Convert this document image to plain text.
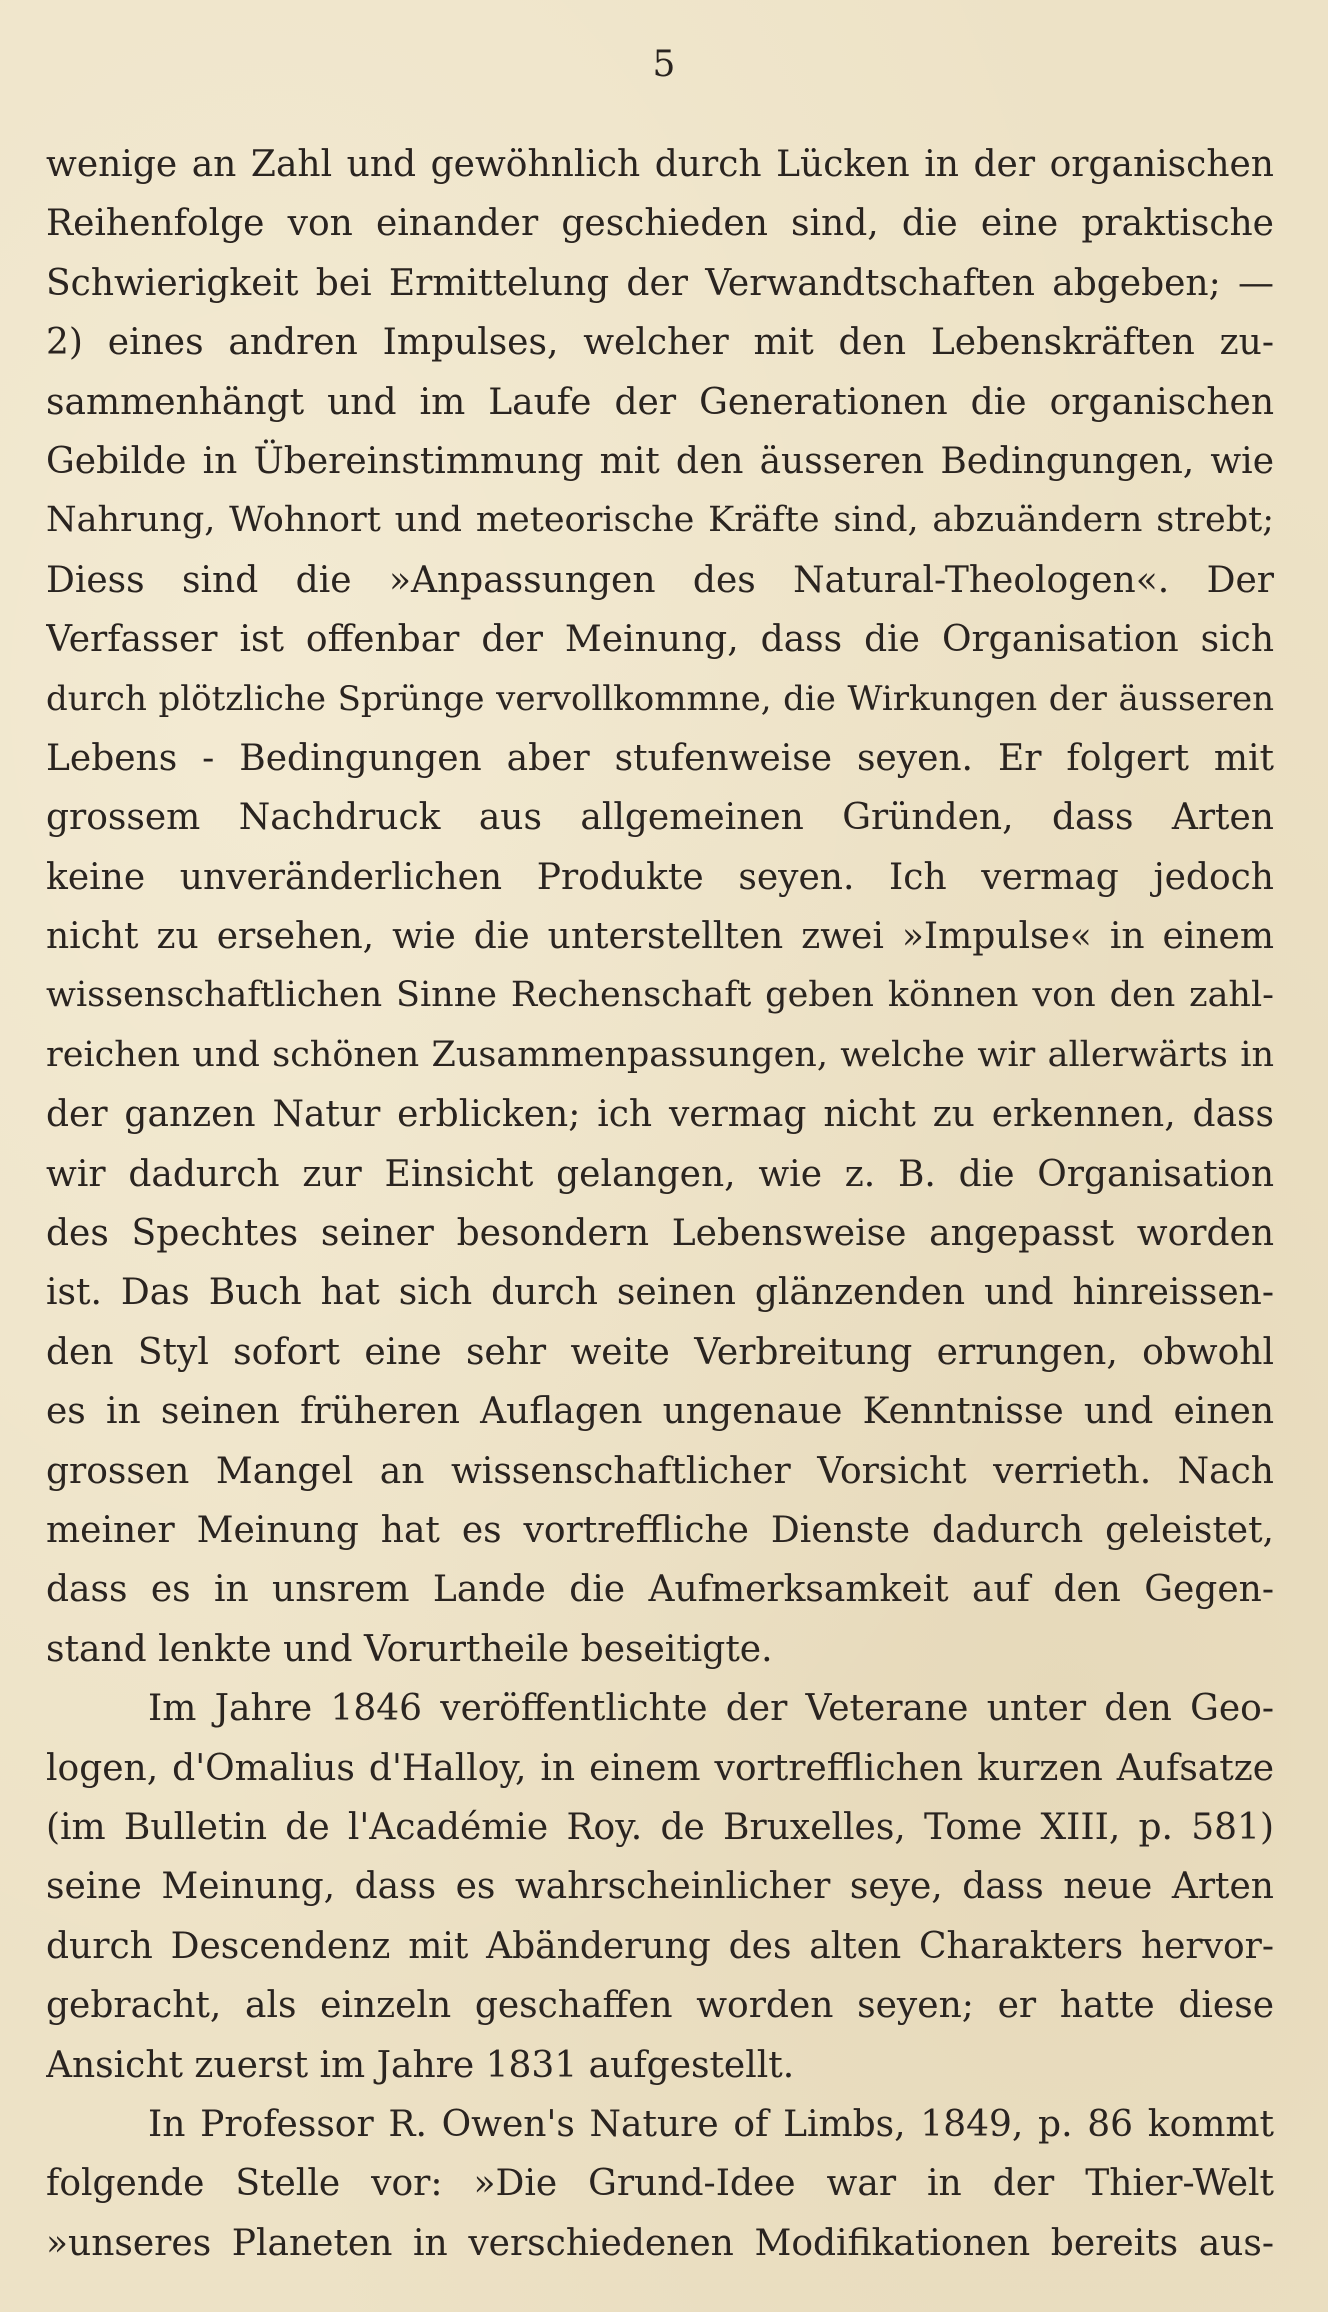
5
wenige an Zahl und gewöhnlich durch Lücken in der organischen
Reihenfolge von einander geschieden sind, die eine praktische
Schwierigkeit bei Ermittelung der Verwandtschaften abgeben; —
2) eines andren Impulses, welcher mit den Lebenskräften zu-
sammenhängt und im Laufe der Generationen die organischen
Gebilde in Übereinstimmung mit den äusseren Bedingungen, wie
Nahrung, Wohnort und meteorische Kräfte sind, abzuändern strebt;
Diess sind die »Anpassungen des Natural-Theologen«. Der
Verfasser ist offenbar der Meinung, dass die Organisation sich
durch plötzliche Sprünge vervollkommne, die Wirkungen der äusseren
Lebens - Bedingungen aber stufenweise seyen. Er folgert mit
grossem Nachdruck aus allgemeinen Gründen, dass Arten
keine unveränderlichen Produkte seyen. Ich vermag jedoch
nicht zu ersehen, wie die unterstellten zwei »Impulse« in einem
wissenschaftlichen Sinne Rechenschaft geben können von den zahl-
reichen und schönen Zusammenpassungen, welche wir allerwärts in
der ganzen Natur erblicken; ich vermag nicht zu erkennen, dass
wir dadurch zur Einsicht gelangen, wie z. B. die Organisation
des Spechtes seiner besondern Lebensweise angepasst worden
ist. Das Buch hat sich durch seinen glänzenden und hinreissen-
den Styl sofort eine sehr weite Verbreitung errungen, obwohl
es in seinen früheren Auflagen ungenaue Kenntnisse und einen
grossen Mangel an wissenschaftlicher Vorsicht verrieth. Nach
meiner Meinung hat es vortreffliche Dienste dadurch geleistet,
dass es in unsrem Lande die Aufmerksamkeit auf den Gegen-
stand lenkte und Vorurtheile beseitigte.
Im Jahre 1846 veröffentlichte der Veterane unter den Geo-
logen, d'Omalius d'Halloy, in einem vortrefflichen kurzen Aufsatze
(im Bulletin de l'Académie Roy. de Bruxelles, Tome XIII, p. 581)
seine Meinung, dass es wahrscheinlicher seye, dass neue Arten
durch Descendenz mit Abänderung des alten Charakters hervor-
gebracht, als einzeln geschaffen worden seyen; er hatte diese
Ansicht zuerst im Jahre 1831 aufgestellt.
In Professor R. Owen's Nature of Limbs, 1849, p. 86 kommt
folgende Stelle vor: »Die Grund-Idee war in der Thier-Welt
»unseres Planeten in verschiedenen Modifikationen bereits aus-
